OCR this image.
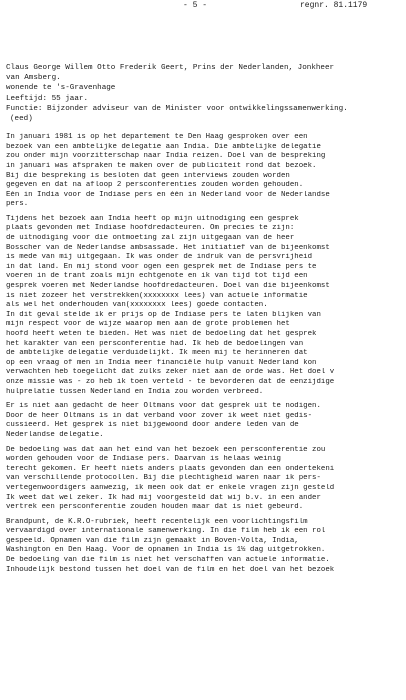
- 5 -	regnr. 81.1179
Claus George Willem Otto Frederik Geert, Prins der Nederlanden, Jonkheer
van Amsberg.
wonende te 's-Gravenhage
Leeftijd: 55 jaar.
Functie: Bijzonder adviseur van de Minister voor ontwikkelingssamenwerking.
(eed)
In januari 1981 is op het departement te Den Haag gesproken over een
bezoek van een ambtelijke delegatie aan India. Die ambtelijke delegatie
zou onder mijn voorzitterschap naar India reizen. Doel van de bespreking
in januari was afspraken te maken over de publiciteit rond dat bezoek.
Bij die bespreking is besloten dat geen interviews zouden worden
gegeven en dat na afloop 2 persconferenties zouden worden gehouden.
Eén in India voor de Indiase pers en één in Nederland voor de Nederlandse
pers.
Tijdens het bezoek aan India heeft op mijn uitnodiging een gesprek
plaats gevonden met Indiase hoofdredacteuren. Om precies te zijn:
de uitnodiging voor die ontmoeting zal zijn uitgegaan van de heer
Bosscher van de Nederlandse ambsassade. Het initiatief van de bijeenkomst
is mede van mij uitgegaan. Ik was onder de indruk van de persvrijheid
in dat land. En mij stond voor ogen een gesprek met de Indiase pers te
voeren in de trant zoals mijn echtgenote en ik van tijd tot tijd een
gesprek voeren met Nederlandse hoofdredacteuren. Doel van die bijeenkomst
is niet zozeer het verstrekken(xxxxxxxx lees) van actuele informatie
als wel het onderhouden van(xxxxxxxx lees) goede contacten.
In dit geval stelde ik er prijs op de Indiase pers te laten blijken van
mijn respect voor de wijze waarop men aan de grote problemen het
hoofd heeft weten te bieden. Het was niet de bedoeling dat het gesprek
het karakter van een persconferentie had. Ik heb de bedoelingen van
de ambtelijke delegatie verduidelijkt. Ik meen mij te herinneren dat
op een vraag of men in India meer financiële hulp vanuit Nederland kon
verwachten heb toegelicht dat zulks zeker niet aan de orde was. Het doel v
onze missie was - zo heb ik toen verteld - te bevorderen dat de eenzijdige
hulprelatie tussen Nederland en India zou worden verbreed.
Er is niet aan gedacht de heer Oltmans voor dat gesprek uit te nodigen.
Door de heer Oltmans is in dat verband voor zover ik weet niet gedis-
cussieerd. Het gesprek is niet bijgewoond door andere leden van de
Nederlandse delegatie.
De bedoeling was dat aan het eind van het bezoek een persconferentie zou
worden gehouden voor de Indiase pers. Daarvan is helaas weinig
terecht gekomen. Er heeft niets anders plaats gevonden dan een ondertekeni
van verschillende protocollen. Bij die plechtigheid waren naar ik pers-
vertegenwoordigers aanwezig, ik meen ook dat er enkele vragen zijn gesteld
Ik weet dat wel zeker. Ik had mij voorgesteld dat wij b.v. in een ander
vertrek een persconferentie zouden houden maar dat is niet gebeurd.
Brandpunt, de K.R.O-rubriek, heeft recentelijk een voorlichtingsfilm
vervaardigd over internationale samenwerking. In die film heb ik een rol
gespeeld. Opnamen van die film zijn gemaakt in Boven-Volta, India,
Washington en Den Haag. Voor de opnamen in India is 1½ dag uitgetrokken.
De bedoeling van die film is niet het verschaffen van actuele informatie.
Inhoudelijk bestond tussen het doel van de film en het doel van het bezoek
